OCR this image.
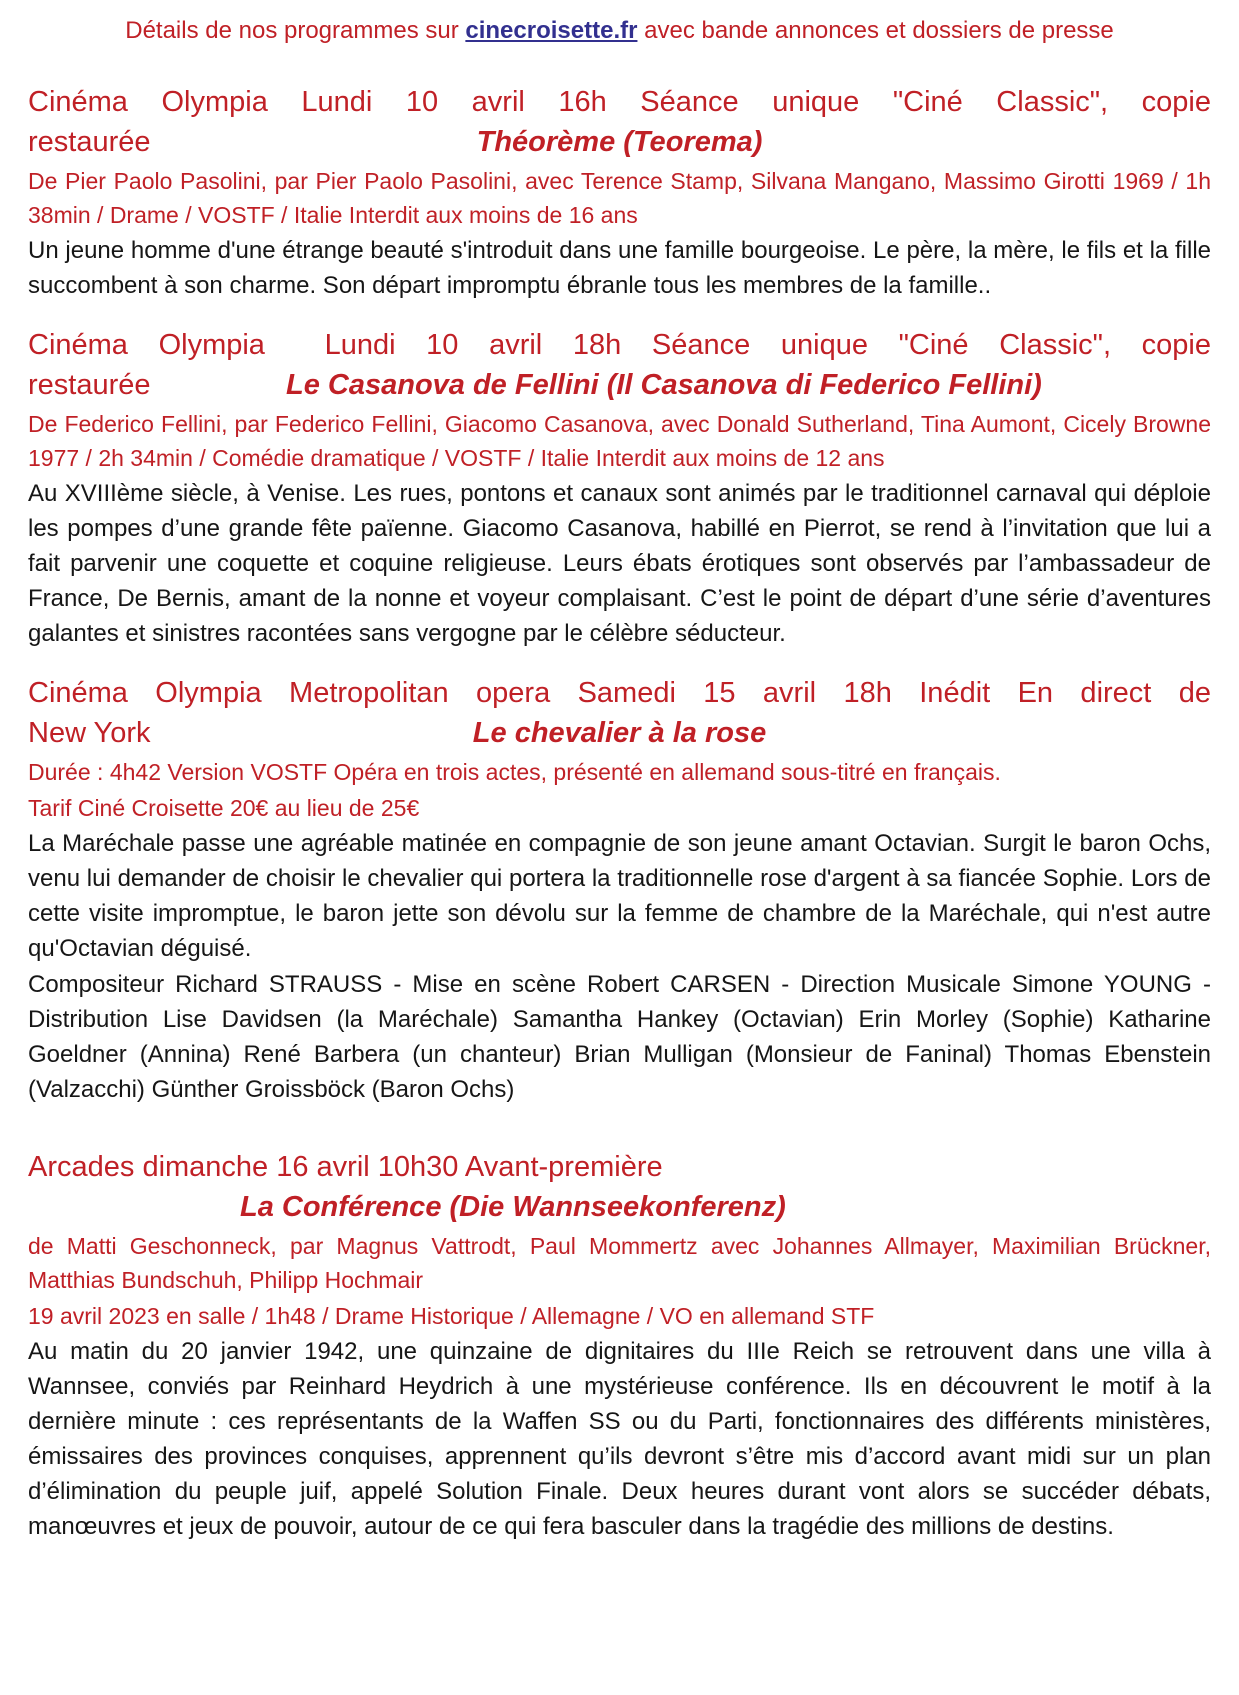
Détails de nos programmes sur cinecroisette.fr avec bande annonces et dossiers de presse

Cinéma Olympia Lundi 10 avril 16h Séance unique "Ciné Classic", copie
restaurée	Théorème (Teorema)

De Pier Paolo Pasolini, par Pier Paolo Pasolini, avec Terence Stamp, Silvana Mangano, Massimo Girotti 1969 / 1h 38min / Drame / VOSTF / Italie Interdit aux moins de 16 ans

Un jeune homme d'une étrange beauté s'introduit dans une famille bourgeoise. Le père, la mère, le fils et la fille succombent à son charme. Son départ impromptu ébranle tous les membres de la famille..

Cinéma Olympia  Lundi 10 avril 18h Séance unique "Ciné Classic", copie
restaurée	Le Casanova de Fellini (Il Casanova di Federico Fellini)

De Federico Fellini, par Federico Fellini, Giacomo Casanova, avec Donald Sutherland, Tina Aumont, Cicely Browne 1977 / 2h 34min / Comédie dramatique / VOSTF / Italie Interdit aux moins de 12 ans

Au XVIIIème siècle, à Venise. Les rues, pontons et canaux sont animés par le traditionnel carnaval qui déploie les pompes d’une grande fête païenne. Giacomo Casanova, habillé en Pierrot, se rend à l’invitation que lui a fait parvenir une coquette et coquine religieuse. Leurs ébats érotiques sont observés par l’ambassadeur de France, De Bernis, amant de la nonne et voyeur complaisant. C’est le point de départ d’une série d’aventures galantes et sinistres racontées sans vergogne par le célèbre séducteur.

Cinéma Olympia Metropolitan opera Samedi 15 avril 18h Inédit En direct de
New York	Le chevalier à la rose

Durée : 4h42 Version VOSTF Opéra en trois actes, présenté en allemand sous-titré en français.

Tarif Ciné Croisette 20€ au lieu de 25€

La Maréchale passe une agréable matinée en compagnie de son jeune amant Octavian. Surgit le baron Ochs, venu lui demander de choisir le chevalier qui portera la traditionnelle rose d'argent à sa fiancée Sophie. Lors de cette visite impromptue, le baron jette son dévolu sur la femme de chambre de la Maréchale, qui n'est autre qu'Octavian déguisé.

Compositeur Richard STRAUSS - Mise en scène Robert CARSEN - Direction Musicale Simone YOUNG - Distribution Lise Davidsen (la Maréchale) Samantha Hankey (Octavian) Erin Morley (Sophie) Katharine Goeldner (Annina) René Barbera (un chanteur) Brian Mulligan (Monsieur de Faninal) Thomas Ebenstein (Valzacchi) Günther Groissböck (Baron Ochs)

Arcades dimanche 16 avril 10h30 Avant-première
La Conférence (Die Wannseekonferenz)

de Matti Geschonneck, par Magnus Vattrodt, Paul Mommertz avec Johannes Allmayer, Maximilian Brückner, Matthias Bundschuh, Philipp Hochmair

19 avril 2023 en salle / 1h48 / Drame Historique / Allemagne / VO en allemand STF

Au matin du 20 janvier 1942, une quinzaine de dignitaires du IIIe Reich se retrouvent dans une villa à Wannsee, conviés par Reinhard Heydrich à une mystérieuse conférence. Ils en découvrent le motif à la dernière minute : ces représentants de la Waffen SS ou du Parti, fonctionnaires des différents ministères, émissaires des provinces conquises, apprennent qu’ils devront s’être mis d’accord avant midi sur un plan d’élimination du peuple juif, appelé Solution Finale. Deux heures durant vont alors se succéder débats, manœuvres et jeux de pouvoir, autour de ce qui fera basculer dans la tragédie des millions de destins.
